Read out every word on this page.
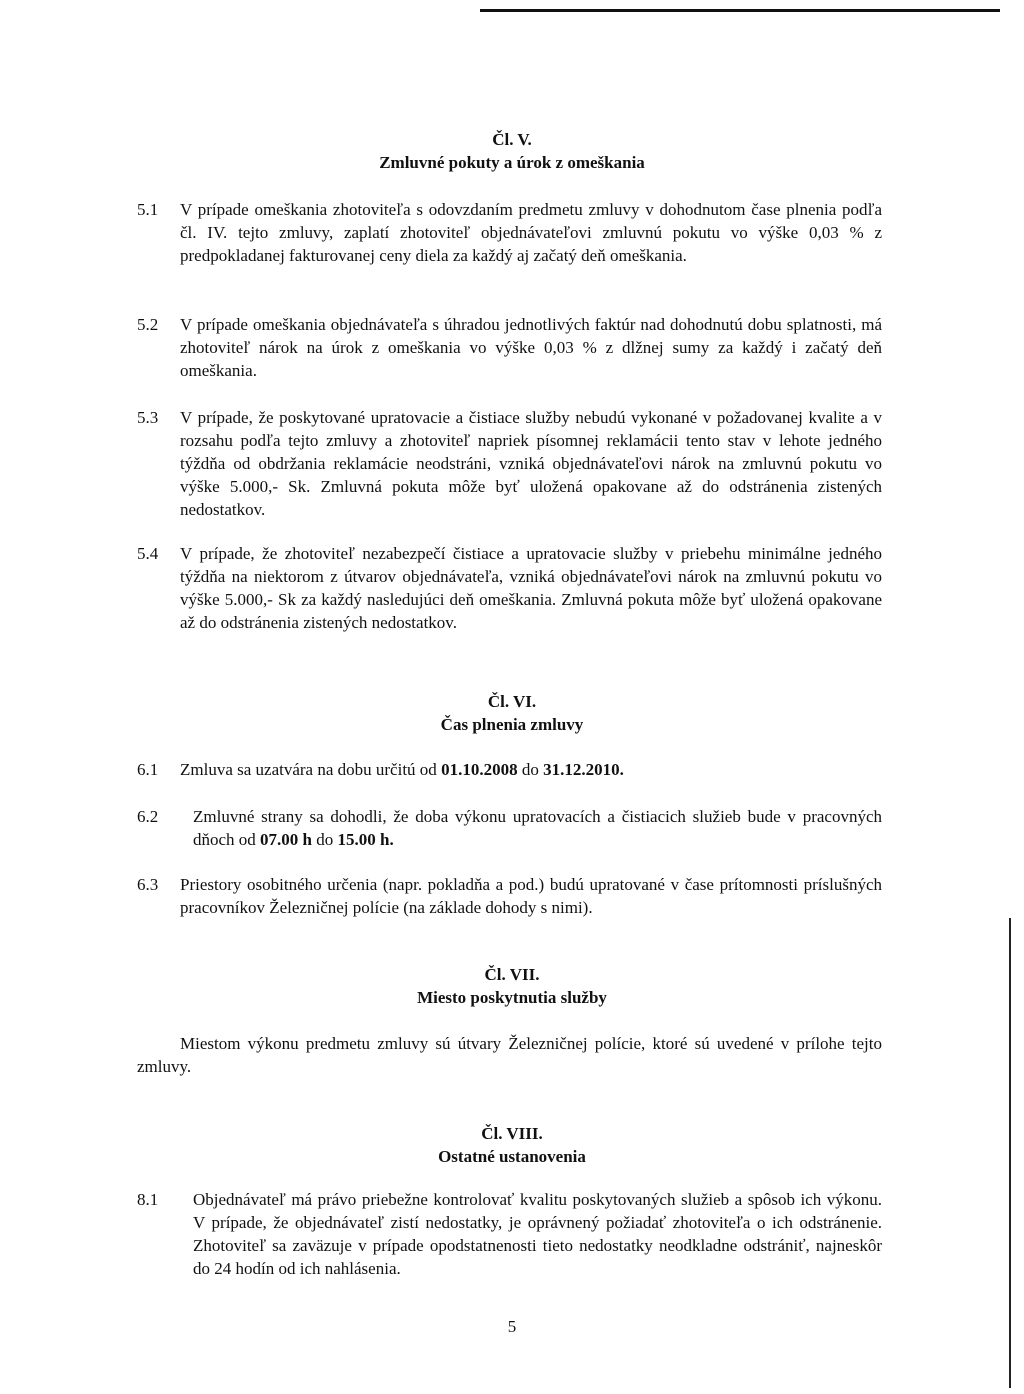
Čl. V.
Zmluvné pokuty a úrok z omeškania
5.1 V prípade omeškania zhotoviteľa s odovzdaním predmetu zmluvy v dohodnutom čase plnenia podľa čl. IV. tejto zmluvy, zaplatí zhotoviteľ objednávateľovi zmluvnú pokutu vo výške 0,03 % z predpokladanej fakturovanej ceny diela za každý aj začatý deň omeškania.
5.2 V prípade omeškania objednávateľa s úhradou jednotlivých faktúr nad dohodnutú dobu splatnosti, má zhotoviteľ nárok na úrok z omeškania vo výške 0,03 % z dlžnej sumy za každý i začatý deň omeškania.
5.3 V prípade, že poskytované upratovacie a čistiace služby nebudú vykonané v požadovanej kvalite a v rozsahu podľa tejto zmluvy a zhotoviteľ napriek písomnej reklamácii tento stav v lehote jedného týždňa od obdržania reklamácie neodstráni, vzniká objednávateľovi nárok na zmluvnú pokutu vo výške 5.000,- Sk. Zmluvná pokuta môže byť uložená opakovane až do odstránenia zistených nedostatkov.
5.4 V prípade, že zhotoviteľ nezabezpečí čistiace a upratovacie služby v priebehu minimálne jedného týždňa na niektorom z útvarov objednávateľa, vzniká objednávateľovi nárok na zmluvnú pokutu vo výške 5.000,- Sk za každý nasledujúci deň omeškania. Zmluvná pokuta môže byť uložená opakovane až do odstránenia zistených nedostatkov.
Čl. VI.
Čas plnenia zmluvy
6.1 Zmluva sa uzatvára na dobu určitú od 01.10.2008 do 31.12.2010.
6.2 Zmluvné strany sa dohodli, že doba výkonu upratovacích a čistiacich služieb bude v pracovných dňoch od 07.00 h do 15.00 h.
6.3 Priestory osobitného určenia (napr. pokladňa a pod.) budú upratované v čase prítomnosti príslušných pracovníkov Železničnej polície (na základe dohody s nimi).
Čl. VII.
Miesto poskytnutia služby
Miestom výkonu predmetu zmluvy sú útvary Železničnej polície, ktoré sú uvedené v prílohe tejto zmluvy.
Čl. VIII.
Ostatné ustanovenia
8.1 Objednávateľ má právo priebežne kontrolovať kvalitu poskytovaných služieb a spôsob ich výkonu. V prípade, že objednávateľ zistí nedostatky, je oprávnený požiadať zhotoviteľa o ich odstránenie. Zhotoviteľ sa zaväzuje v prípade opodstatnenosti tieto nedostatky neodkladne odstrániť, najneskôr do 24 hodín od ich nahlásenia.
5
